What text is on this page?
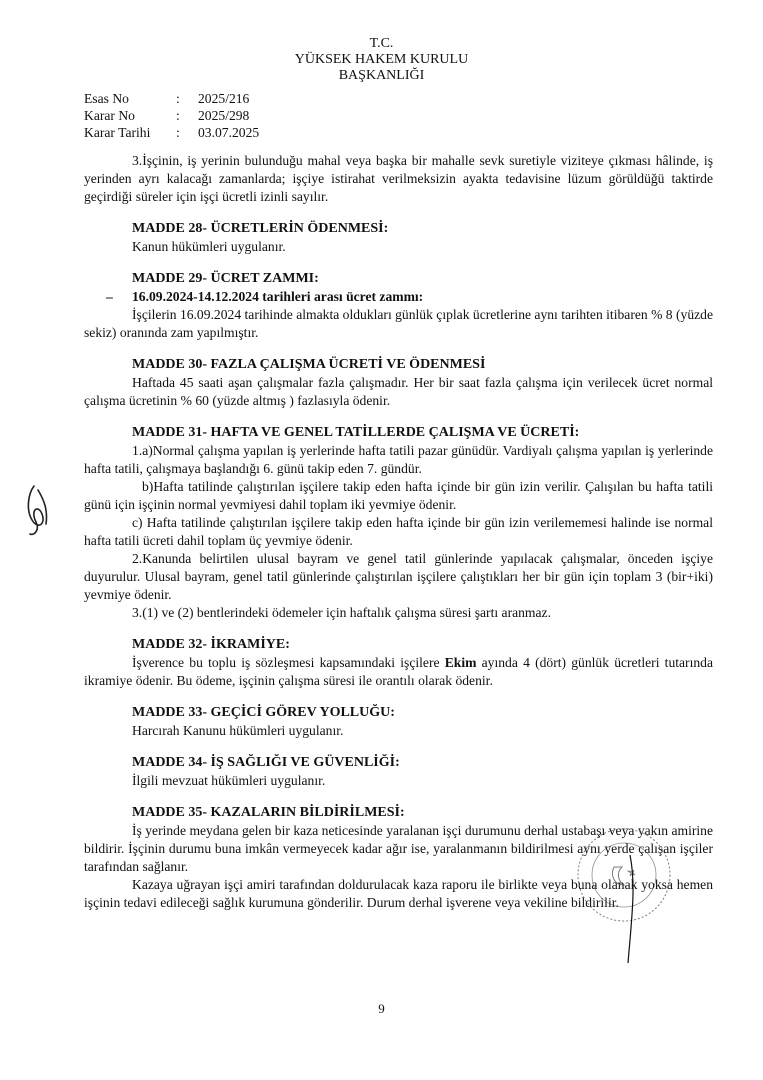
T.C.
YÜKSEK HAKEM KURULU
BAŞKANLIĞI
Esas No	:	2025/216
Karar No	:	2025/298
Karar Tarihi	:	03.07.2025

3.İşçinin, iş yerinin bulunduğu mahal veya başka bir mahalle sevk suretiyle viziteye çıkması hâlinde, iş yerinden ayrı kalacağı zamanlarda; işçiye istirahat verilmeksizin ayakta tedavisine lüzum görüldüğü taktirde geçirdiği süreler için işçi ücretli izinli sayılır.

MADDE 28- ÜCRETLERİN ÖDENMESİ:

Kanun hükümleri uygulanır.

MADDE 29- ÜCRET ZAMMI:
–	16.09.2024-14.12.2024 tarihleri arası ücret zammı:

İşçilerin 16.09.2024 tarihinde almakta oldukları günlük çıplak ücretlerine aynı tarihten itibaren % 8 (yüzde sekiz) oranında zam yapılmıştır.

MADDE 30- FAZLA ÇALIŞMA ÜCRETİ VE ÖDENMESİ

Haftada 45 saati aşan çalışmalar fazla çalışmadır. Her bir saat fazla çalışma için verilecek ücret normal çalışma ücretinin % 60 (yüzde altmış ) fazlasıyla ödenir.

MADDE 31- HAFTA VE GENEL TATİLLERDE ÇALIŞMA VE ÜCRETİ:

1.a)Normal çalışma yapılan iş yerlerinde hafta tatili pazar günüdür. Vardiyalı çalışma yapılan iş yerlerinde hafta tatili, çalışmaya başlandığı 6. günü takip eden 7. gündür.

b)Hafta tatilinde çalıştırılan işçilere takip eden hafta içinde bir gün izin verilir. Çalışılan bu hafta tatili günü için işçinin normal yevmiyesi dahil toplam iki yevmiye ödenir.

c) Hafta tatilinde çalıştırılan işçilere takip eden hafta içinde bir gün izin verilememesi halinde ise normal hafta tatili ücreti dahil toplam üç yevmiye ödenir.

2.Kanunda belirtilen ulusal bayram ve genel tatil günlerinde yapılacak çalışmalar, önceden işçiye duyurulur. Ulusal bayram, genel tatil günlerinde çalıştırılan işçilere çalıştıkları her bir gün için toplam 3 (bir+iki) yevmiye ödenir.

3.(1) ve (2) bentlerindeki ödemeler için haftalık çalışma süresi şartı aranmaz.

MADDE 32- İKRAMİYE:

İşverence bu toplu iş sözleşmesi kapsamındaki işçilere Ekim ayında 4 (dört) günlük ücretleri tutarında ikramiye ödenir. Bu ödeme, işçinin çalışma süresi ile orantılı olarak ödenir.

MADDE 33- GEÇİCİ GÖREV YOLLUĞU:

Harcırah Kanunu hükümleri uygulanır.

MADDE 34- İŞ SAĞLIĞI VE GÜVENLİĞİ:

İlgili mevzuat hükümleri uygulanır.

MADDE 35- KAZALARIN BİLDİRİLMESİ:

İş yerinde meydana gelen bir kaza neticesinde yaralanan işçi durumunu derhal ustabaşı veya yakın amirine bildirir. İşçinin durumu buna imkân vermeyecek kadar ağır ise, yaralanmanın bildirilmesi aynı yerde çalışan işçiler tarafından sağlanır.

Kazaya uğrayan işçi amiri tarafından doldurulacak kaza raporu ile birlikte veya buna olanak yoksa hemen işçinin tedavi edileceği sağlık kurumuna gönderilir. Durum derhal işverene veya vekiline bildirilir.

9
